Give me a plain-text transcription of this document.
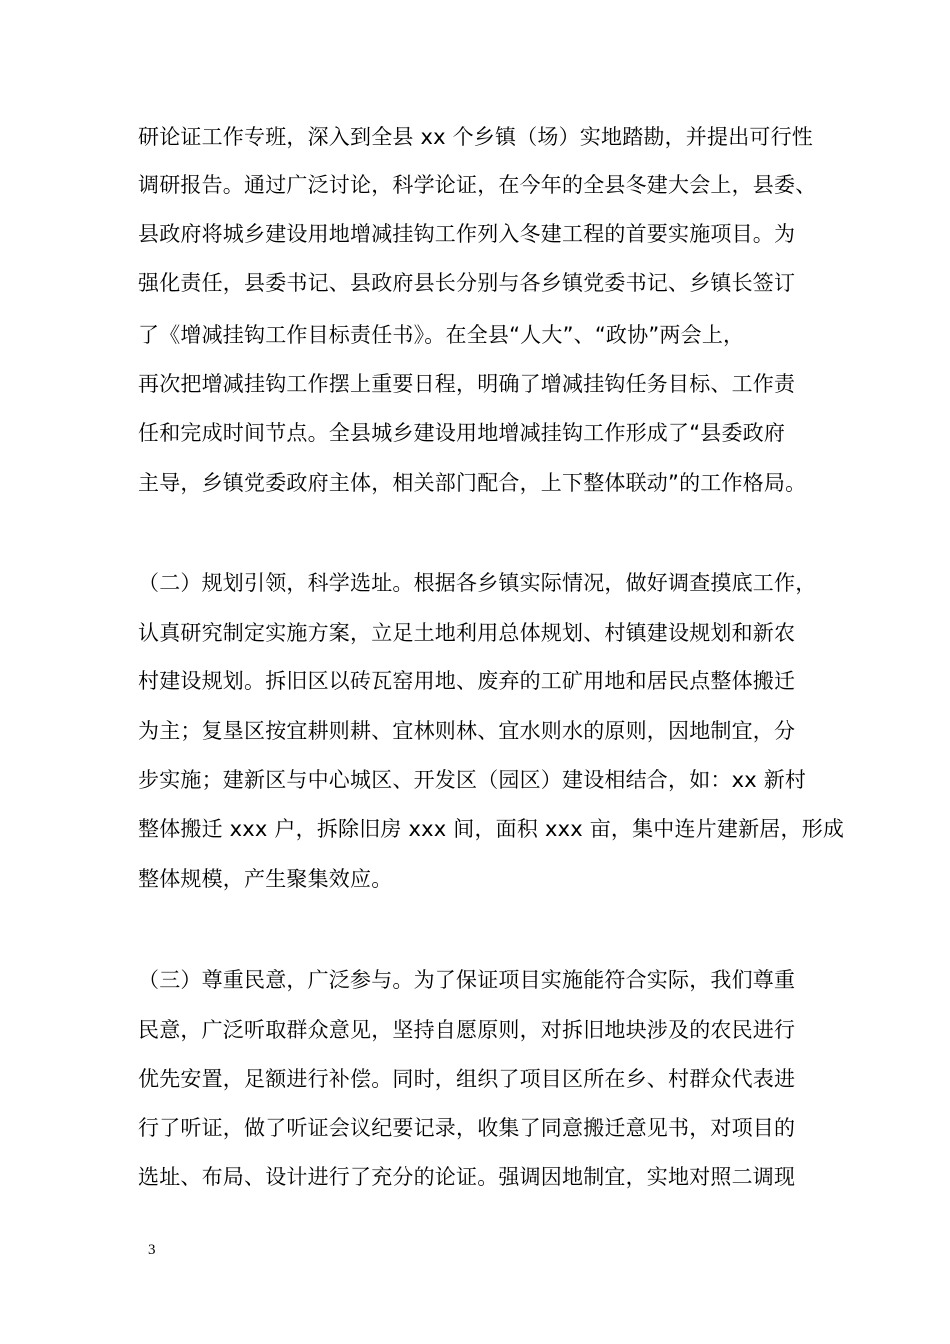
研论证工作专班，深入到全县 xx 个乡镇（场）实地踏勘，并提出可行性
调研报告。通过广泛讨论，科学论证，在今年的全县冬建大会上，县委、
县政府将城乡建设用地增减挂钩工作列入冬建工程的首要实施项目。为
强化责任，县委书记、县政府县长分别与各乡镇党委书记、乡镇长签订
了《增减挂钩工作目标责任书》。在全县“人大”、“政协”两会上，
再次把增减挂钩工作摆上重要日程，明确了增减挂钩任务目标、工作责
任和完成时间节点。全县城乡建设用地增减挂钩工作形成了“县委政府
主导，乡镇党委政府主体，相关部门配合，上下整体联动”的工作格局。
（二）规划引领，科学选址。根据各乡镇实际情况，做好调查摸底工作，
认真研究制定实施方案，立足土地利用总体规划、村镇建设规划和新农
村建设规划。拆旧区以砖瓦窑用地、废弃的工矿用地和居民点整体搬迁
为主；复垦区按宜耕则耕、宜林则林、宜水则水的原则，因地制宜，分
步实施；建新区与中心城区、开发区（园区）建设相结合，如：xx 新村
整体搬迁 xxx 户，拆除旧房 xxx 间，面积 xxx 亩，集中连片建新居，形成
整体规模，产生聚集效应。
（三）尊重民意，广泛参与。为了保证项目实施能符合实际，我们尊重
民意，广泛听取群众意见，坚持自愿原则，对拆旧地块涉及的农民进行
优先安置，足额进行补偿。同时，组织了项目区所在乡、村群众代表进
行了听证，做了听证会议纪要记录，收集了同意搬迁意见书，对项目的
选址、布局、设计进行了充分的论证。强调因地制宜，实地对照二调现
3
